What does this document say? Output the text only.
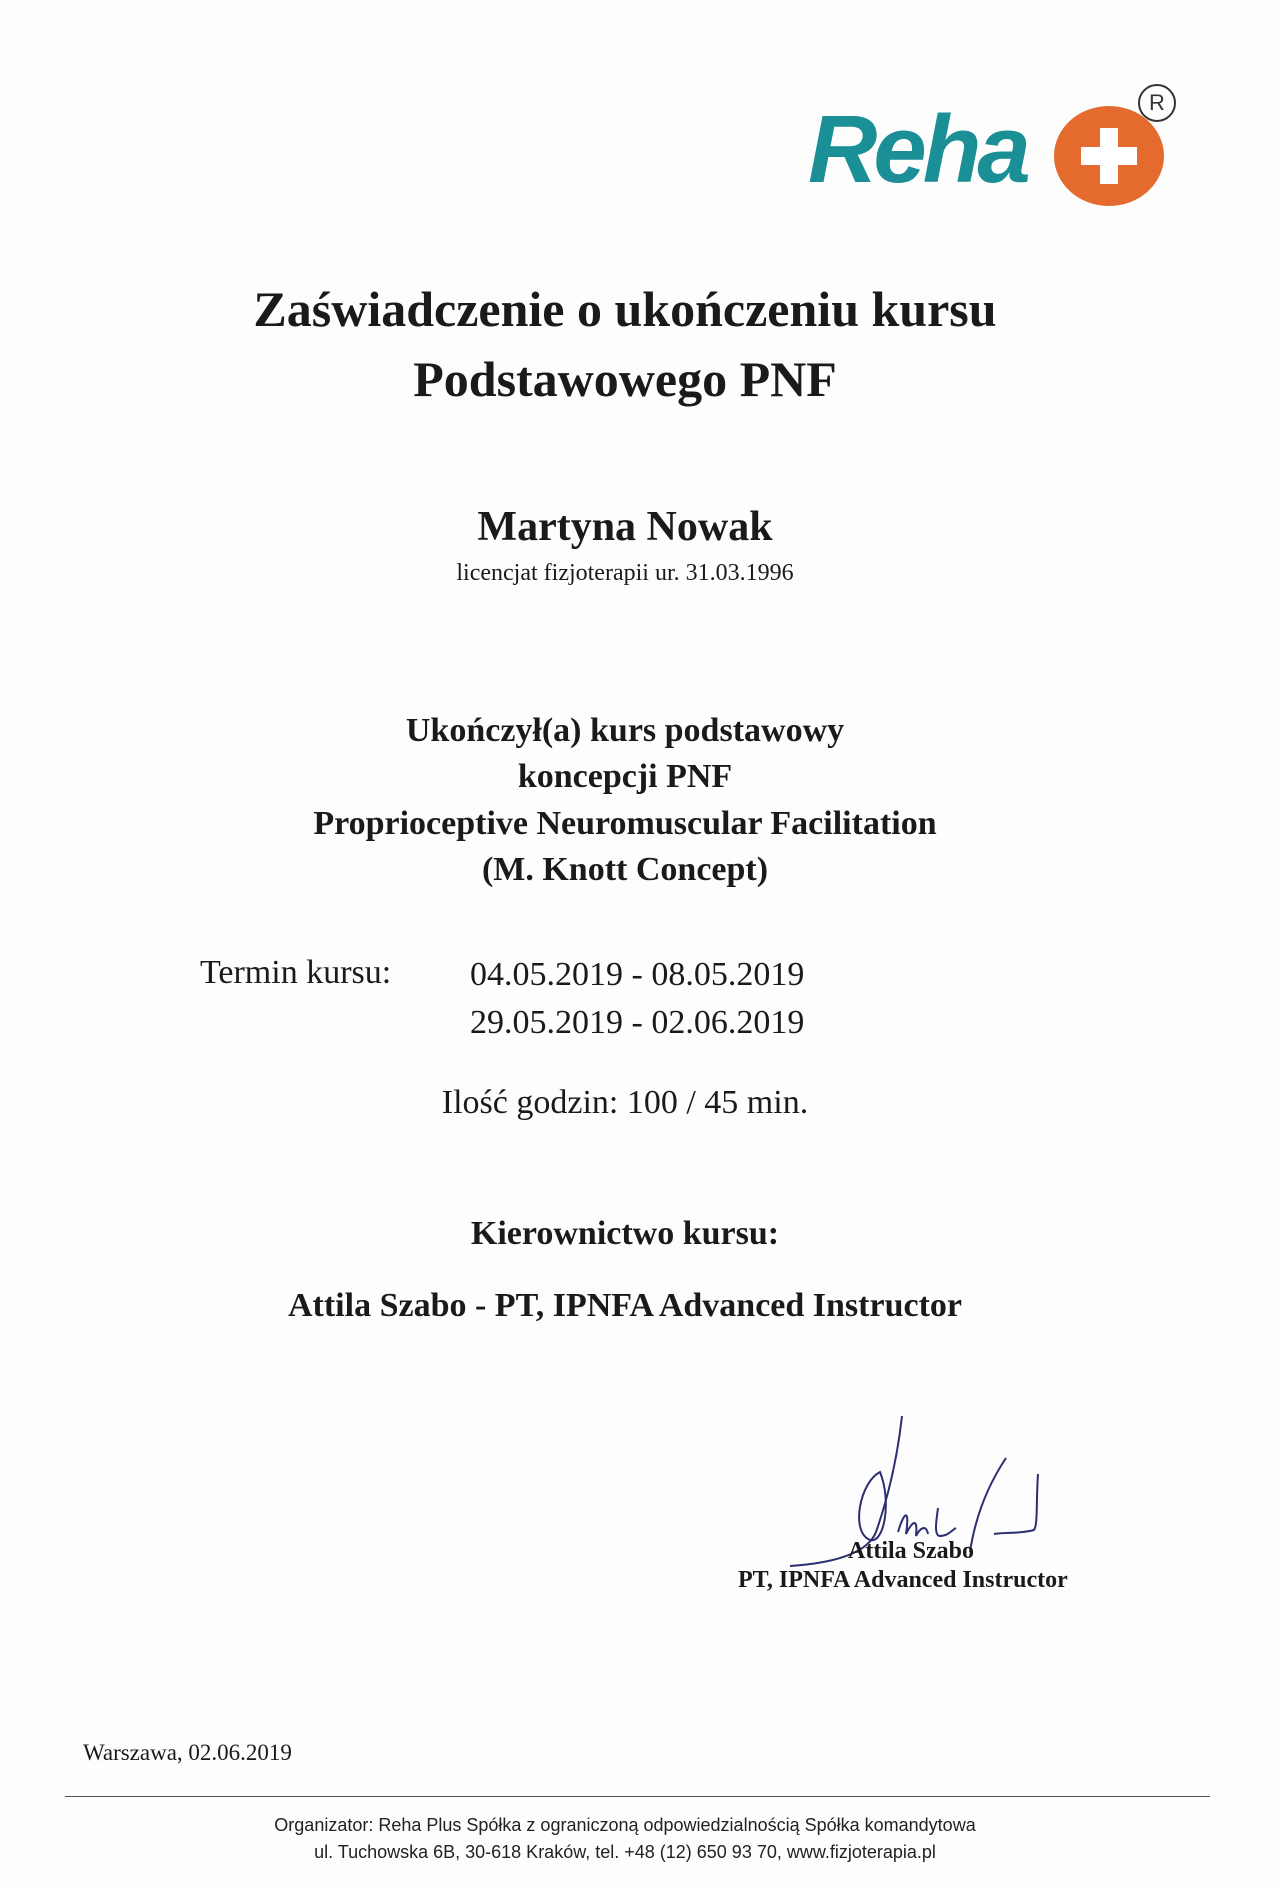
Reha	R
Zaświadczenie o ukończeniu kursu
Podstawowego PNF

Martyna Nowak

licencjat fizjoterapii ur. 31.03.1996

Ukończył(a) kurs podstawowy

koncepcji PNF

Proprioceptive Neuromuscular Facilitation

(M. Knott Concept)

Termin kursu: 04.05.2019 - 08.05.2019
29.05.2019 - 02.06.2019

Ilość godzin: 100 / 45 min.

Kierownictwo kursu:

Attila Szabo - PT, IPNFA Advanced Instructor

Attila Szabo
PT, IPNFA Advanced Instructor
Warszawa, 02.06.2019

Organizator: Reha Plus Spółka z ograniczoną odpowiedzialnością Spółka komandytowa

ul. Tuchowska 6B, 30-618 Kraków, tel. +48 (12) 650 93 70, www.fizjoterapia.pl
